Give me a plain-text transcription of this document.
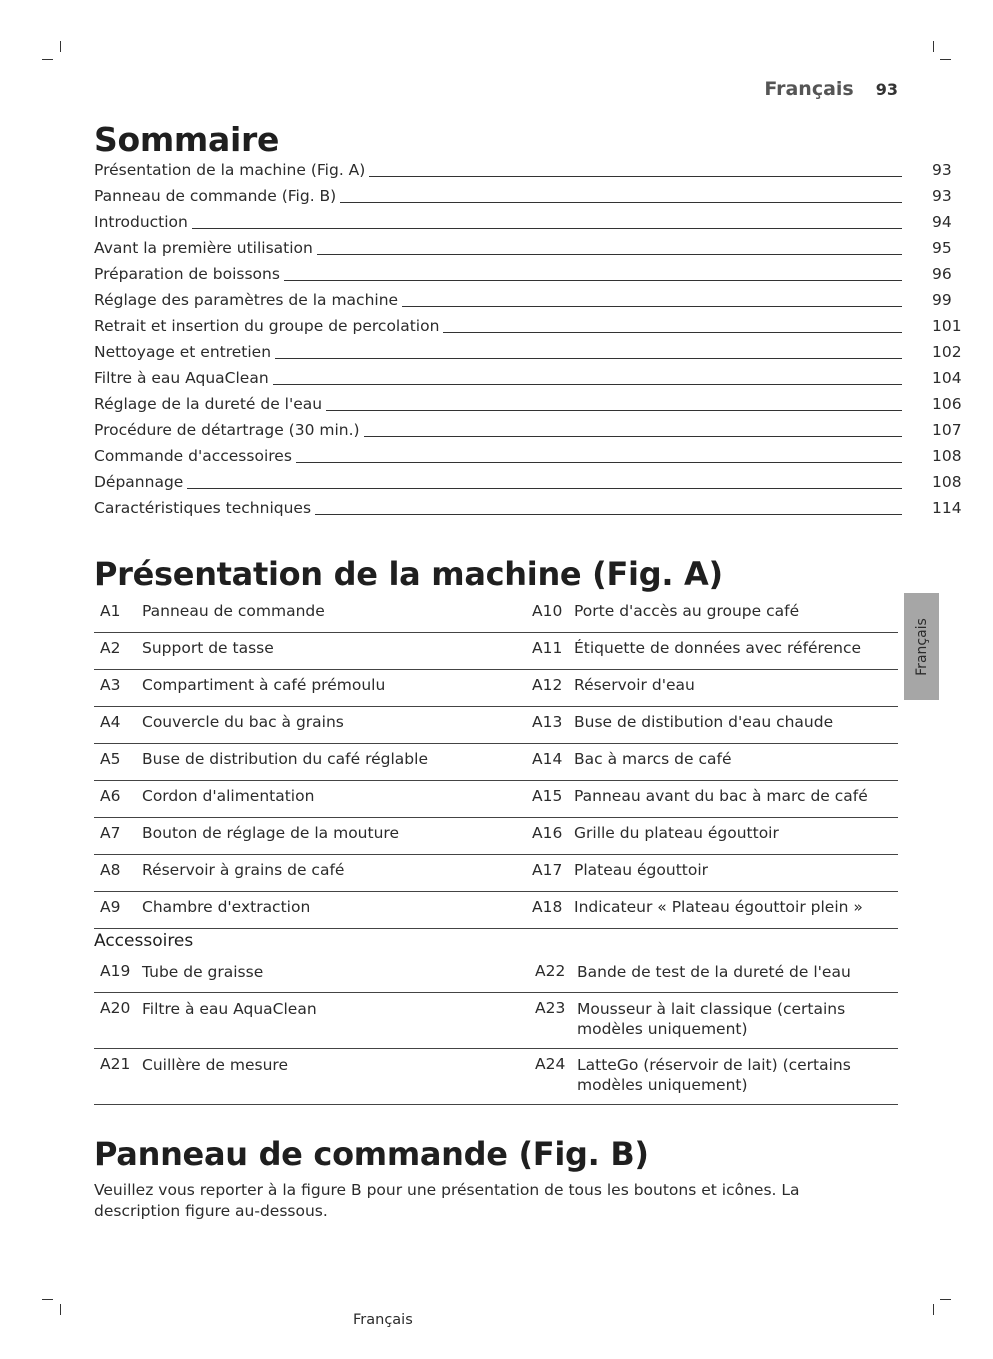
Français 93
Sommaire
Présentation de la machine (Fig. A)	93
Panneau de commande (Fig. B)	93
Introduction	94
Avant la première utilisation	95
Préparation de boissons	96
Réglage des paramètres de la machine	99
Retrait et insertion du groupe de percolation	101
Nettoyage et entretien	102
Filtre à eau AquaClean	104
Réglage de la dureté de l'eau	106
Procédure de détartrage (30 min.)	107
Commande d'accessoires	108
Dépannage	108
Caractéristiques techniques	114
Présentation de la machine (Fig. A)
A1	Panneau de commande	A10 Porte d'accès au groupe café
A2	Support de tasse	A11 Étiquette de données avec référence
A3	Compartiment à café prémoulu	A12 Réservoir d'eau
A4	Couvercle du bac à grains	A13 Buse de distibution d'eau chaude
A5	Buse de distribution du café réglable	A14 Bac à marcs de café
A6	Cordon d'alimentation	A15 Panneau avant du bac à marc de café
A7	Bouton de réglage de la mouture	A16 Grille du plateau égouttoir
A8	Réservoir à grains de café	A17 Plateau égouttoir
A9	Chambre d'extraction	A18 Indicateur « Plateau égouttoir plein »
Accessoires
A19 Tube de graisse	A22 Bande de test de la dureté de l'eau
A20 Filtre à eau AquaClean	A23 Mousseur à lait classique (certains modèles uniquement)
A21 Cuillère de mesure	A24 LatteGo (réservoir de lait) (certains modèles uniquement)
Panneau de commande (Fig. B)
Veuillez vous reporter à la figure B pour une présentation de tous les boutons et icônes. La description figure au-dessous.
Français
Français
